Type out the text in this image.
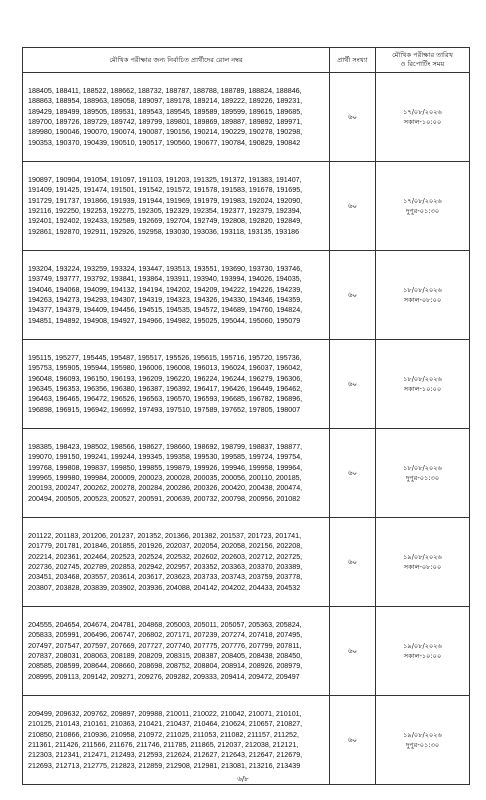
মৌখিক পরীক্ষার জন্য নির্বাচিত প্রার্থীদের রোল নম্বর	প্রার্থী সংখ্যা	মৌখিক পরীক্ষার তারিখ
ও রিপোর্টিং সময়

188405, 188411, 188522, 188662, 188732, 188787, 188788, 188789, 188824, 188846, 188863, 188954, 188963, 189058, 189097, 189178, 189214, 189222, 189226, 189231, 189429, 189499, 189505, 189531, 189543, 189545, 189589, 189599, 189615, 189685, 189700, 189726, 189729, 189742, 189799, 189801, 189869, 189887, 189892, 189971, 189980, 190046, 190070, 190074, 190087, 190156, 190214, 190229, 190278, 190298, 190353, 190370, 190439, 190510, 190517, 190560, 190677, 190784, 190829, 190842	৬০	১৭/০৮/২০২৬
সকাল-১০:০০

190897, 190904, 191054, 191097, 191103, 191203, 191325, 191372, 191383, 191407, 191409, 191425, 191474, 191501, 191542, 191572, 191578, 191583, 191678, 191695, 191729, 191737, 191866, 191939, 191944, 191969, 191979, 191983, 192024, 192090, 192116, 192250, 192253, 192275, 192305, 192329, 192354, 192377, 192379, 192394, 192401, 192402, 192433, 192589, 192669, 192704, 192749, 192808, 192820, 192849, 192861, 192870, 192911, 192926, 192958, 193030, 193036, 193118, 193135, 193186	৬০	১৭/০৮/২০২৬
দুপুর-০১:৩০

193204, 193224, 193259, 193324, 193447, 193513, 193551, 193690, 193730, 193746, 193749, 193777, 193792, 193841, 193864, 193911, 193940, 193994, 194026, 194035, 194046, 194068, 194099, 194132, 194194, 194202, 194209, 194222, 194226, 194239, 194263, 194273, 194293, 194307, 194319, 194323, 194326, 194330, 194346, 194359, 194377, 194379, 194409, 194456, 194515, 194535, 194572, 194689, 194760, 194824, 194851, 194892, 194908, 194927, 194966, 194982, 195025, 195044, 195060, 195079	৬০	১৮/০৮/২০২৬
সকাল-০৮:০০

195115, 195277, 195445, 195487, 195517, 195526, 195615, 195716, 195720, 195736, 195753, 195905, 195944, 195980, 196006, 196008, 196013, 196024, 196037, 196042, 196048, 196093, 196150, 196193, 196209, 196220, 196224, 196244, 196279, 196306, 196345, 196353, 196356, 196380, 196387, 196392, 196417, 196426, 196449, 196462, 196463, 196465, 196472, 196526, 196563, 196570, 196593, 196685, 196782, 196896, 196898, 196915, 196942, 196992, 197493, 197510, 197589, 197652, 197805, 198007	৬০	১৮/০৮/২০২৬
সকাল-১০:০০

198385, 198423, 198502, 198566, 198627, 198660, 198692, 198799, 198837, 198877, 199070, 199150, 199241, 199244, 199345, 199358, 199530, 199585, 199724, 199754, 199768, 199808, 199837, 199850, 199855, 199879, 199926, 199946, 199958, 199964, 199965, 199980, 199984, 200009, 200023, 200028, 200035, 200056, 200110, 200185, 200193, 200247, 200262, 200278, 200284, 200286, 200326, 200420, 200438, 200474, 200494, 200505, 200523, 200527, 200591, 200639, 200732, 200798, 200956, 201082	৬০	১৮/০৮/২০২৬
দুপুর-০১:৩০

201122, 201183, 201206, 201237, 201352, 201366, 201382, 201537, 201723, 201741, 201779, 201781, 201846, 201855, 201926, 202037, 202054, 202058, 202156, 202208, 202214, 202361, 202464, 202523, 202524, 202532, 202602, 202603, 202712, 202725, 202736, 202745, 202789, 202853, 202942, 202957, 203352, 203363, 203370, 203389, 203451, 203468, 203557, 203614, 203617, 203623, 203733, 203743, 203759, 203778, 203807, 203828, 203839, 203902, 203936, 204088, 204142, 204202, 204433, 204532	৬০	১৯/০৮/২০২৬
সকাল-০৮:০০

204555, 204654, 204674, 204781, 204868, 205003, 205011, 205057, 205363, 205824, 205833, 205991, 206496, 206747, 206802, 207171, 207239, 207274, 207418, 207495, 207497, 207547, 207597, 207669, 207727, 207740, 207775, 207776, 207799, 207811, 207837, 208031, 208063, 208189, 208209, 208315, 208387, 208405, 208438, 208450, 208585, 208599, 208644, 208660, 208698, 208752, 208804, 208914, 208926, 208979, 208995, 209113, 209142, 209271, 209276, 209282, 209333, 209414, 209472, 209497	৬০	১৯/০৮/২০২৬
সকাল-১০:০০

209499, 209632, 209762, 209897, 209988, 210011, 210022, 210042, 210071, 210101, 210125, 210143, 210161, 210363, 210421, 210437, 210464, 210624, 210657, 210827, 210850, 210866, 210936, 210958, 210972, 211025, 211053, 211082, 211157, 211252, 211361, 211426, 211566, 211676, 211746, 211785, 211865, 212037, 212038, 212121, 212303, 212341, 212471, 212493, 212593, 212624, 212627, 212643, 212647, 212679, 212693, 212713, 212775, 212823, 212859, 212908, 212981, 213081, 213216, 213439	৬০	১৯/০৮/২০২৬
দুপুর-০১:৩০
৬/৮
